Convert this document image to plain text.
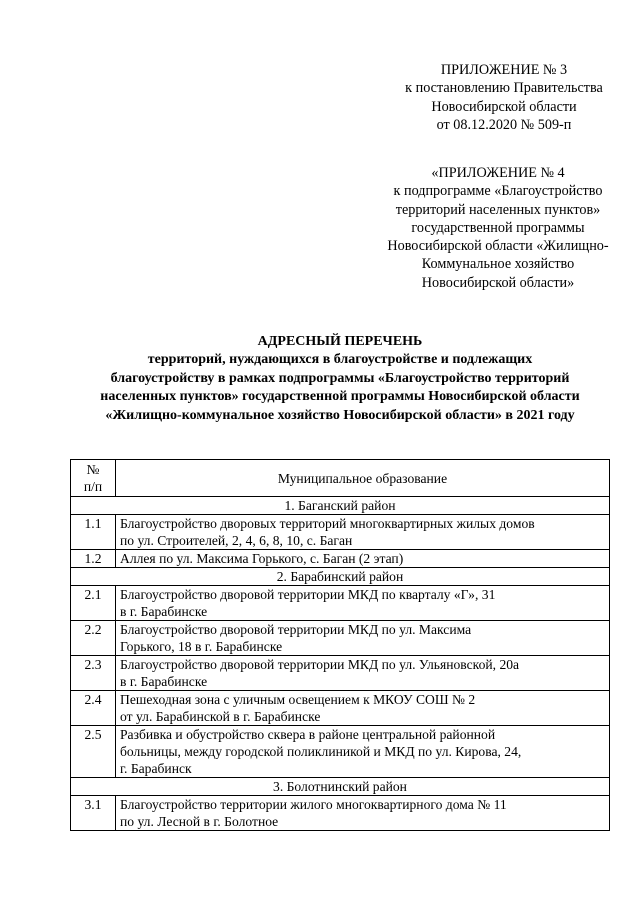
ПРИЛОЖЕНИЕ № 3
к постановлению Правительства
Новосибирской области
от 08.12.2020 № 509-п
«ПРИЛОЖЕНИЕ № 4
к подпрограмме «Благоустройство
территорий населенных пунктов»
государственной программы
Новосибирской области «Жилищно-
Коммунальное хозяйство
Новосибирской области»
АДРЕСНЫЙ ПЕРЕЧЕНЬ
территорий, нуждающихся в благоустройстве и подлежащих
благоустройству в рамках подпрограммы «Благоустройство территорий
населенных пунктов» государственной программы Новосибирской области
«Жилищно-коммунальное хозяйство Новосибирской области» в 2021 году
№
п/п	Муниципальное образование
1. Баганский район	
1.1	Благоустройство дворовых территорий многоквартирных жилых домов
по ул. Строителей, 2, 4, 6, 8, 10, с. Баган

1.2	Аллея по ул. Максима Горького, с. Баган (2 этап)

2. Барабинский район	
2.1	Благоустройство дворовой территории МКД по кварталу «Г», 31
в г. Барабинске

2.2	Благоустройство дворовой территории МКД по ул. Максима
Горького, 18 в г. Барабинске

2.3	Благоустройство дворовой территории МКД по ул. Ульяновской, 20а
в г. Барабинске

2.4	Пешеходная зона с уличным освещением к МКОУ СОШ № 2
от ул. Барабинской в г. Барабинске

2.5	Разбивка и обустройство сквера в районе центральной районной
больницы, между городской поликлиникой и МКД по ул. Кирова, 24,
г. Барабинск

3. Болотнинский район	
3.1	Благоустройство территории жилого многоквартирного дома № 11
по ул. Лесной в г. Болотное
